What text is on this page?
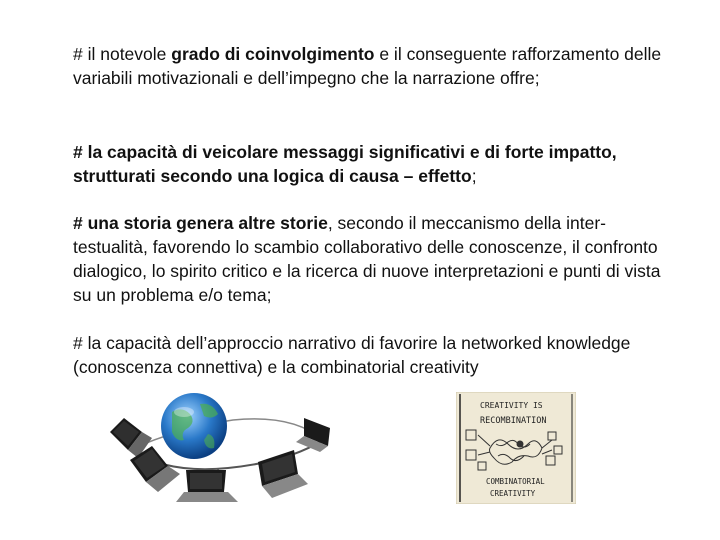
# il notevole grado di coinvolgimento e il conseguente rafforzamento delle variabili motivazionali e dell’impegno che la narrazione offre;

# la capacità di veicolare messaggi significativi e di forte impatto, strutturati secondo una logica di causa – effetto;

# una storia genera altre storie, secondo il meccanismo della inter-testualità, favorendo lo scambio collaborativo delle conoscenze, il confronto dialogico, lo spirito critico e la ricerca di nuove interpretazioni e punti di vista su un problema e/o tema;

# la capacità dell’approccio narrativo di favorire la networked knowledge (conoscenza connettiva) e la combinatorial creativity

CREATIVITY IS
RECOMBINATION
COMBINATORIAL
CREATIVITY
